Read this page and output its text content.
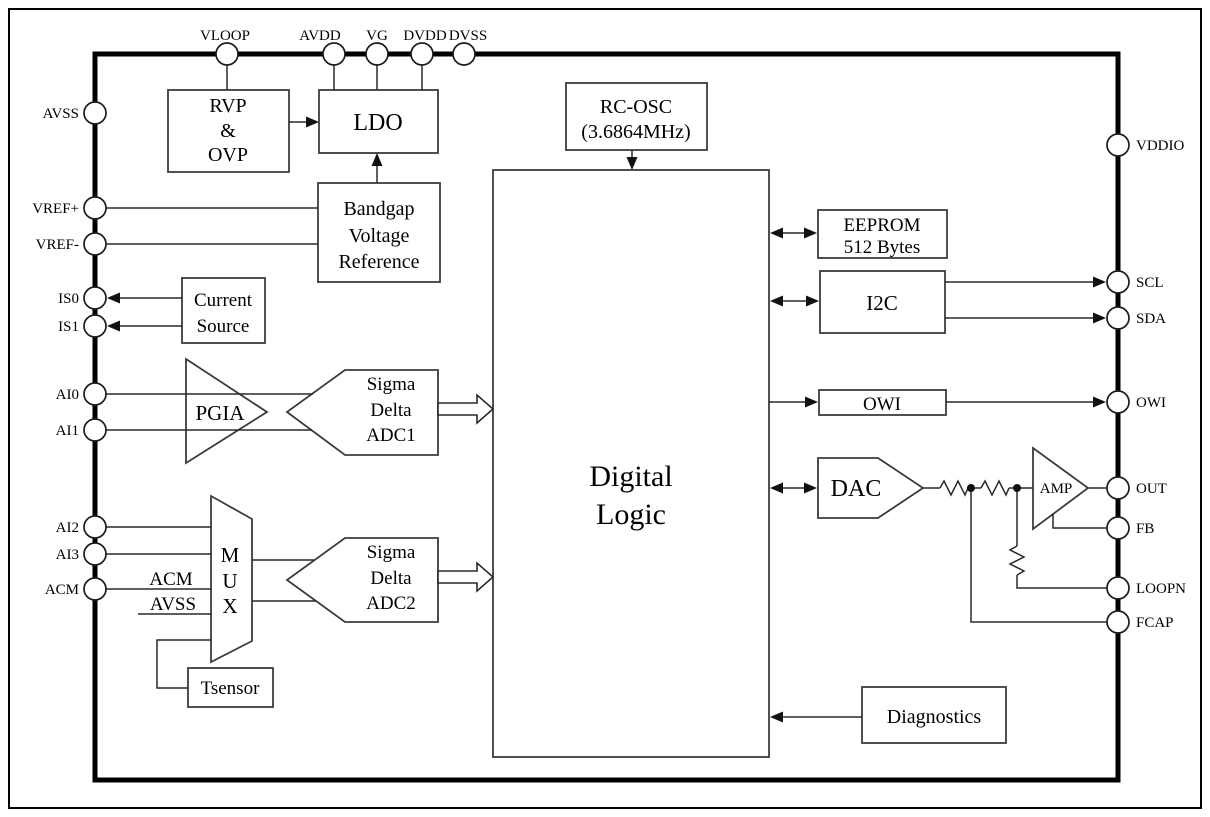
RVP
&
OVP
LDO
Bandgap
Voltage
Reference
RC-OSC
(3.6864MHz)
Current
Source
Digital
Logic
EEPROM
512 Bytes
I2C
OWI
Diagnostics
Tsensor
Sigma
Delta
ADC1
M
U
X
Sigma
Delta
ADC2
DAC	AMP
PGIA
ACM
AVSS
VLOOP	AVDD VG DVDD DVSS
AVSS
VREF+
VREF-
IS0
IS1
AI0
AI1
AI2
AI3
ACM
VDDIO
SCL
SDA
OWI
OUT
FB
LOOPN
FCAP
